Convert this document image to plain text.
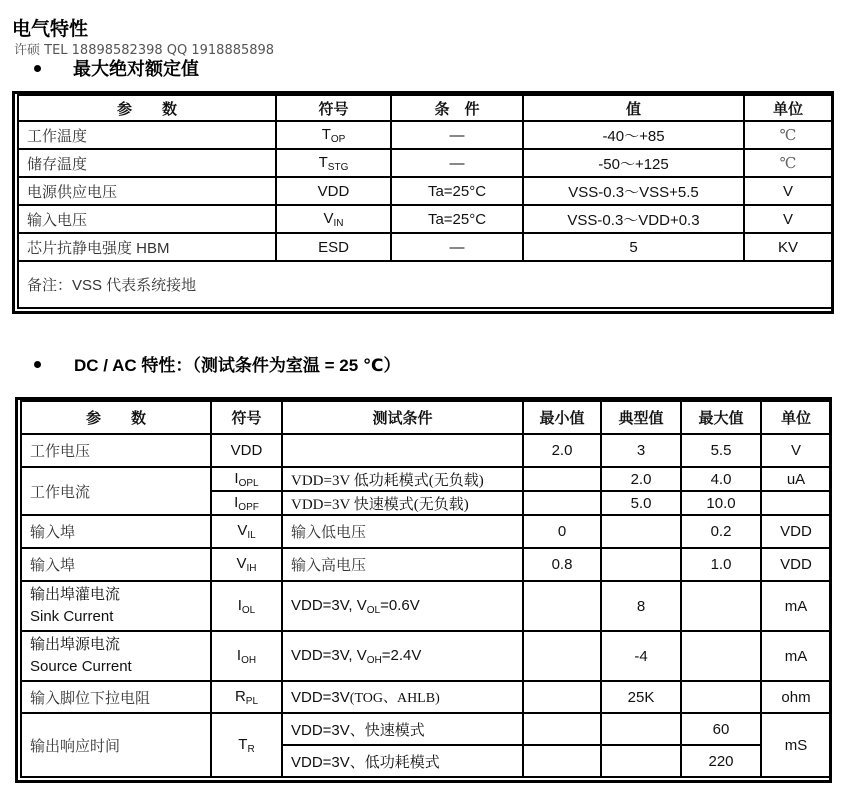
电气特性
许硕 TEL 18898582398 QQ 1918885898
最大绝对额定值
参　　数	符号	条　件	值	单位
工作温度	$T_{OP}$	—	-40～+85	℃
储存温度	$T_{STG}$	—	-50～+125	℃
电源供应电压	VDD	Ta=25°C	VSS-0.3～VSS+5.5	V
输入电压	$V_{IN}$	Ta=25°C	VSS-0.3～VDD+0.3	V
芯片抗静电强度 HBM	ESD	—	5	KV
备注：VSS 代表系统接地				
DC / AC 特性：（测试条件为室温 = 25 ℃）
参　　数	符号	测试条件	最小值	典型值	最大值	单位
工作电压	VDD		2.0	3	5.5	V
工作电流	$I_{OPL}$	VDD=3V 低功耗模式(无负载)		2.0	4.0	uA
	$I_{OPF}$	VDD=3V 快速模式(无负载)		5.0	10.0	
输入埠	$V_{IL}$	输入低电压	0		0.2	VDD
输入埠	$V_{IH}$	输入高电压	0.8		1.0	VDD

输出埠灌电流
Sink Current	$I_{OL}$	VDD=3V, $V_{OL}=0.6V$		8		mA

输出埠源电流
Source Current	$I_{OH}$	VDD=3V, $V_{OH}=2.4V$		-4		mA
输入脚位下拉电阻	$R_{PL}$	VDD=3V(TOG、AHLB)		25K		ohm
输出响应时间	$T_R$	VDD=3V、快速模式			60	mS
		VDD=3V、低功耗模式			220	
